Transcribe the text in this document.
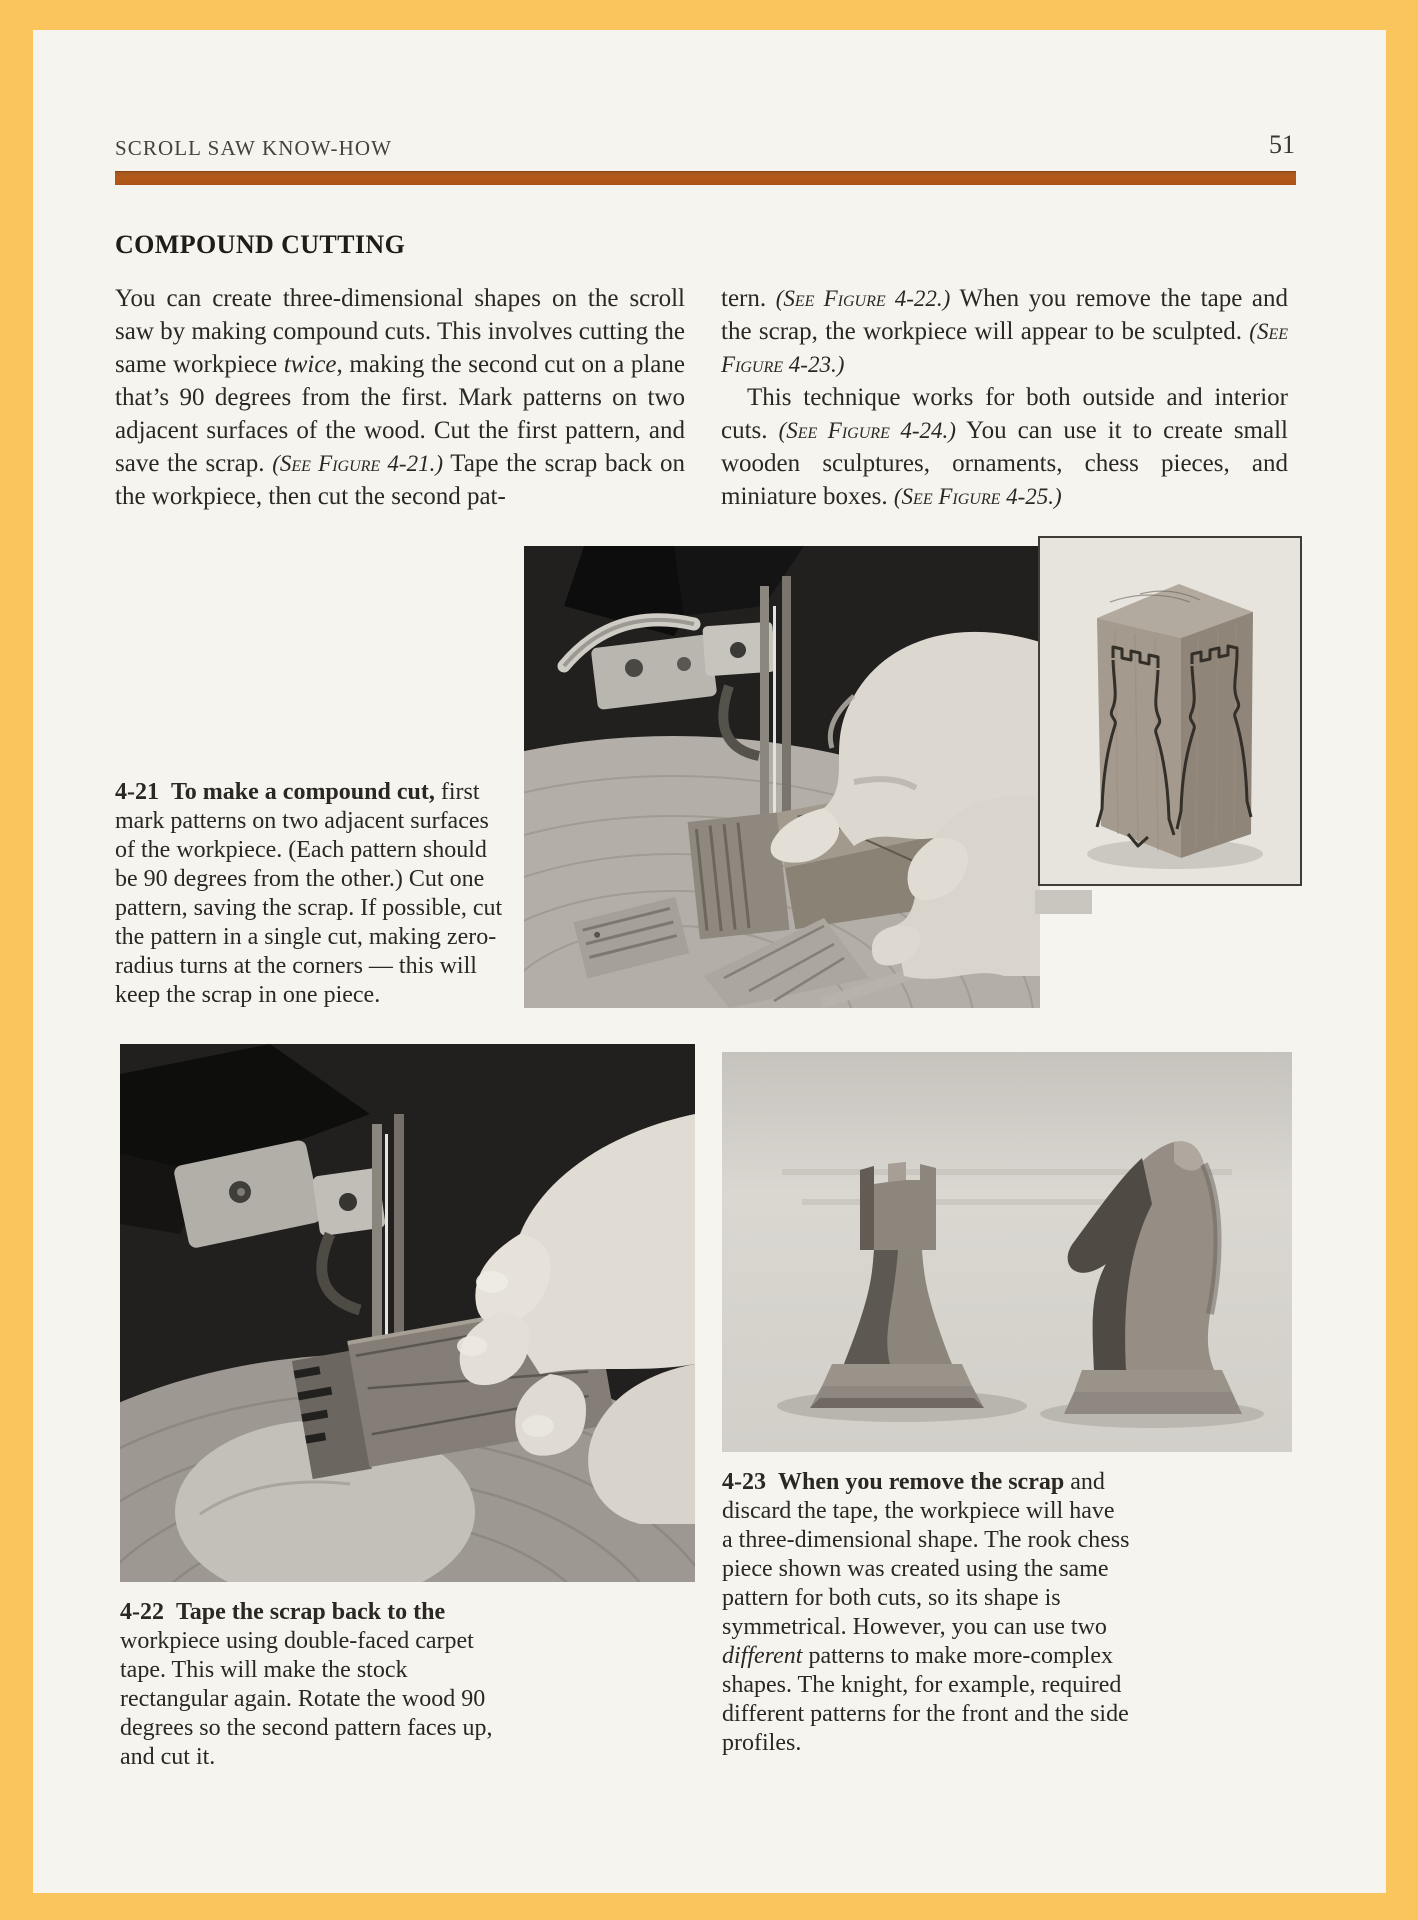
SCROLL SAW KNOW-HOW	51
COMPOUND CUTTING

You can create three-dimensional shapes on the scroll saw by making compound cuts. This involves cutting the same workpiece twice, making the second cut on a plane that’s 90 degrees from the first. Mark patterns on two adjacent surfaces of the wood. Cut the first pattern, and save the scrap. (See Figure 4-21.) Tape the scrap back on the workpiece, then cut the second pat-

tern. (See Figure 4-22.) When you remove the tape and the scrap, the workpiece will appear to be sculpted. (See Figure 4-23.)

This technique works for both outside and interior cuts. (See Figure 4-24.) You can use it to create small wooden sculptures, ornaments, chess pieces, and miniature boxes. (See Figure 4-25.)

4-21  To make a compound cut, first mark patterns on two adjacent surfaces of the workpiece. (Each pattern should be 90 degrees from the other.) Cut one pattern, saving the scrap. If possible, cut the pattern in a single cut, making zero-radius turns at the corners — this will keep the scrap in one piece.
4-22  Tape the scrap back to the workpiece using double-faced carpet tape. This will make the stock rectangular again. Rotate the wood 90 degrees so the second pattern faces up, and cut it.
4-23  When you remove the scrap and discard the tape, the workpiece will have a three-dimensional shape. The rook chess piece shown was created using the same pattern for both cuts, so its shape is symmetrical. However, you can use two different patterns to make more-complex shapes. The knight, for example, required different patterns for the front and the side profiles.
